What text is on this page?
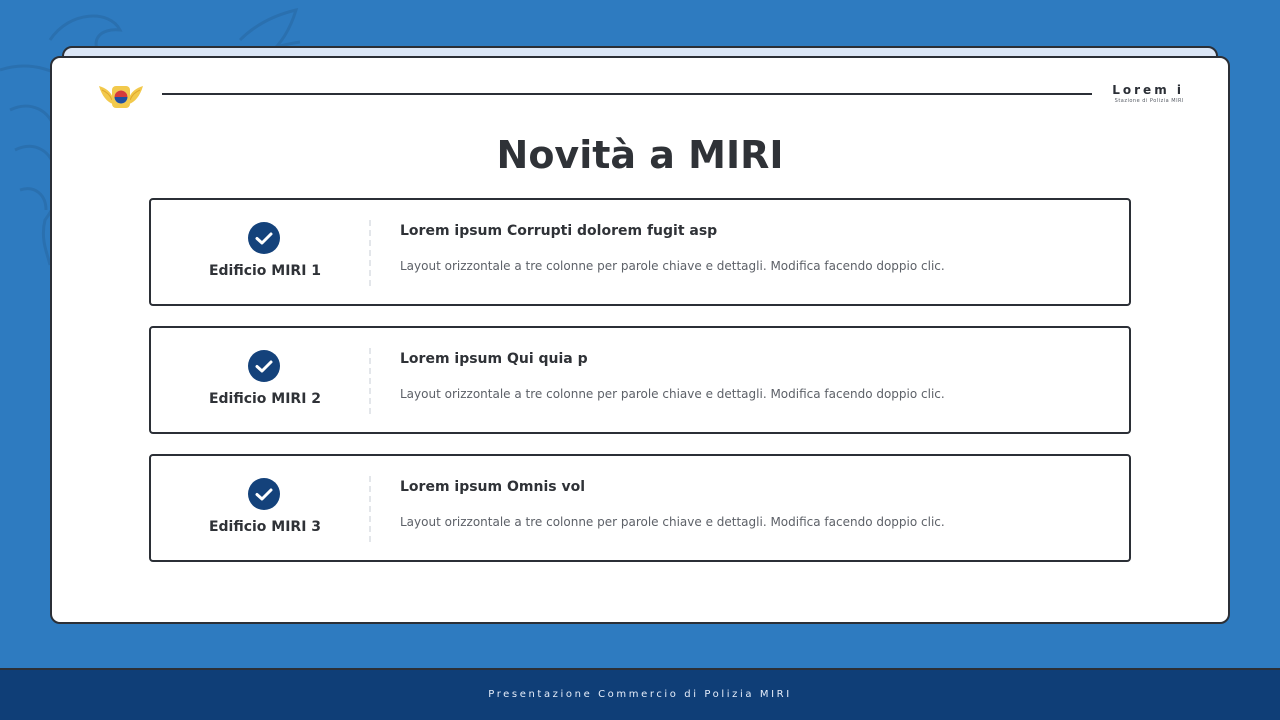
Lorem i
Stazione di Polizia MIRI
Novità a MIRI
Edificio MIRI 1
Lorem ipsum Corrupti dolorem fugit asp
Layout orizzontale a tre colonne per parole chiave e dettagli. Modifica facendo doppio clic.
Edificio MIRI 2
Lorem ipsum Qui quia p
Layout orizzontale a tre colonne per parole chiave e dettagli. Modifica facendo doppio clic.
Edificio MIRI 3
Lorem ipsum Omnis vol
Layout orizzontale a tre colonne per parole chiave e dettagli. Modifica facendo doppio clic.
Presentazione Commercio di Polizia MIRI
